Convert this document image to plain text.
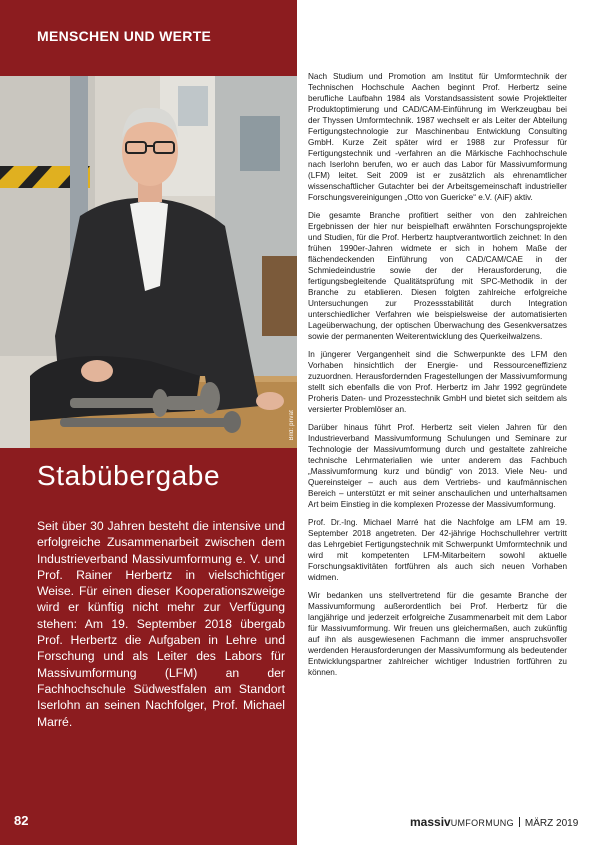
MENSCHEN UND WERTE
Bild: privat
Stabübergabe

Seit über 30 Jahren besteht die intensive und erfolgreiche Zusammenarbeit zwischen dem Industrieverband Massivumformung e. V. und Prof. Rainer Herbertz in vielschichtiger Weise. Für einen dieser Kooperationszweige wird er künftig nicht mehr zur Verfügung stehen: Am 19. September 2018 übergab Prof. Herbertz die Aufgaben in Lehre und Forschung und als Leiter des Labors für Massivumformung (LFM) an der Fachhochschule Südwestfalen am Standort Iserlohn an seinen Nachfolger, Prof. Michael Marré.

82

Nach Studium und Promotion am Institut für Umformtechnik der Technischen Hochschule Aachen beginnt Prof. Herbertz seine berufliche Laufbahn 1984 als Vorstandsassistent sowie Projektleiter Produktoptimierung und CAD/CAM-Einführung im Werkzeugbau bei der Thyssen Umformtechnik. 1987 wechselt er als Leiter der Abteilung Fertigungstechnologie zur Maschinenbau Entwicklung Consulting GmbH. Kurze Zeit später wird er 1988 zur Professur für Fertigungstechnik und -verfahren an die Märkische Fachhochschule nach Iserlohn berufen, wo er auch das Labor für Massivumformung (LFM) leitet. Seit 2009 ist er zusätzlich als ehrenamtlicher wissenschaftlicher Gutachter bei der Arbeitsgemeinschaft industrieller Forschungsvereinigungen „Otto von Guericke“ e.V. (AiF) aktiv.

Die gesamte Branche profitiert seither von den zahlreichen Ergebnissen der hier nur beispielhaft erwähnten Forschungsprojekte und Studien, für die Prof. Herbertz hauptverantwortlich zeichnet: In den frühen 1990er-Jahren widmete er sich in hohem Maße der flächendeckenden Einführung von CAD/CAM/CAE in der Schmiedeindustrie sowie der der Herausforderung, die fertigungsbegleitende Qualitätsprüfung mit SPC-Methodik in der Branche zu etablieren. Diesen folgten zahlreiche erfolgreiche Untersuchungen zur Prozessstabilität durch Integration unterschiedlicher Verfahren wie beispielsweise der automatisierten Lageüberwachung, der optischen Überwachung des Gesenkversatzes sowie der permanenten Weiterentwicklung des Querkeilwalzens.

In jüngerer Vergangenheit sind die Schwerpunkte des LFM den Vorhaben hinsichtlich der Energie- und Ressourceneffizienz zuzuordnen. Herausfordernden Fragestellungen der Massivumformung stellt sich ebenfalls die von Prof. Herbertz im Jahr 1992 gegründete Proheris Daten- und Prozesstechnik GmbH und bietet sich seitdem als versierter Problemlöser an.

Darüber hinaus führt Prof. Herbertz seit vielen Jahren für den Industrieverband Massivumformung Schulungen und Seminare zur Technologie der Massivumformung durch und gestaltete zahlreiche technische Lehrmaterialien wie unter anderem das Fachbuch „Massivumformung kurz und bündig“ von 2013. Viele Neu- und Quereinsteiger – auch aus dem Vertriebs- und kaufmännischen Bereich – unterstützt er mit seiner anschaulichen und unterhaltsamen Art beim Einstieg in die komplexen Prozesse der Massivumformung.

Prof. Dr.-Ing. Michael Marré hat die Nachfolge am LFM am 19. September 2018 angetreten. Der 42-jährige Hochschullehrer vertritt das Lehrgebiet Fertigungstechnik mit Schwerpunkt Umformtechnik und wird mit kompetenten LFM-Mitarbeitern sowohl aktuelle Forschungsaktivitäten fortführen als auch sich neuen Vorhaben widmen.

Wir bedanken uns stellvertretend für die gesamte Branche der Massivumformung außerordentlich bei Prof. Herbertz für die langjährige und jederzeit erfolgreiche Zusammenarbeit mit dem Labor für Massivumformung. Wir freuen uns gleichermaßen, auch zukünftig auf ihn als ausgewiesenen Fachmann die immer anspruchsvoller werdenden Herausforderungen der Massivumformung als bedeutender Entwicklungspartner zahlreicher wichtiger Industrien fortführen zu können.

massivUMFORMUNG MÄRZ 2019
